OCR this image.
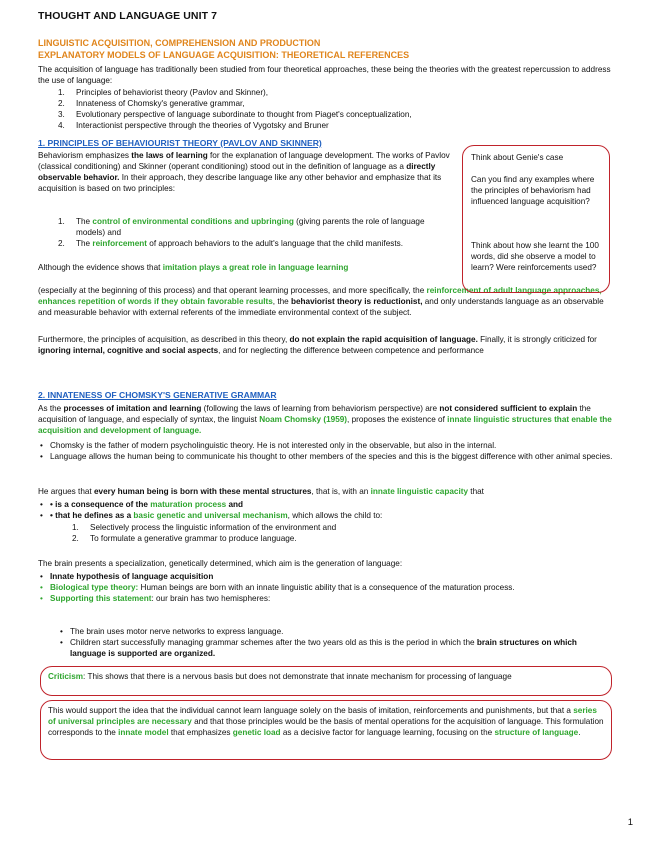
THOUGHT AND LANGUAGE UNIT 7
LINGUISTIC ACQUISITION, COMPREHENSION AND PRODUCTION
EXPLANATORY MODELS OF LANGUAGE ACQUISITION: THEORETICAL REFERENCES
The acquisition of language has traditionally been studied from four theoretical approaches, these being the theories with the greatest repercussion to address the use of language:
1. Principles of behaviorist theory (Pavlov and Skinner),
2. Innateness of Chomsky's generative grammar,
3. Evolutionary perspective of language subordinate to thought from Piaget's conceptualization,
4. Interactionist perspective through the theories of Vygotsky and Bruner
1. PRINCIPLES OF BEHAVIOURIST THEORY (PAVLOV AND SKINNER)
Behaviorism emphasizes the laws of learning for the explanation of language development. The works of Pavlov (classical conditioning) and Skinner (operant conditioning) stood out in the definition of language as a directly observable behavior. In their approach, they describe language like any other behavior and emphasize that its acquisition is based on two principles:
1. The control of environmental conditions and upbringing (giving parents the role of language models) and
2. The reinforcement of approach behaviors to the adult's language that the child manifests.
Although the evidence shows that imitation plays a great role in language learning
(especially at the beginning of this process) and that operant learning processes, and more specifically, the reinforcement of adult language approaches, enhances repetition of words if they obtain favorable results, the behaviorist theory is reductionist, and only understands language as an observable and measurable behavior with external referents of the immediate environmental context of the subject.
Furthermore, the principles of acquisition, as described in this theory, do not explain the rapid acquisition of language. Finally, it is strongly criticized for ignoring internal, cognitive and social aspects, and for neglecting the difference between competence and performance
Think about Genie's case
Can you find any examples where the principles of behaviorism had influenced language acquisition?
Think about how she learnt the 100 words, did she observe a model to learn? Were reinforcements used?
2. INNATENESS OF CHOMSKY'S GENERATIVE GRAMMAR
As the processes of imitation and learning (following the laws of learning from behaviorism perspective) are not considered sufficient to explain the acquisition of language, and especially of syntax, the linguist Noam Chomsky (1959), proposes the existence of innate linguistic structures that enable the acquisition and development of language.
• Chomsky is the father of modern psycholinguistic theory. He is not interested only in the observable, but also in the internal.
• Language allows the human being to communicate his thought to other members of the species and this is the biggest difference with other animal species.
He argues that every human being is born with these mental structures, that is, with an innate linguistic capacity that
• • is a consequence of the maturation process and
• • that he defines as a basic genetic and universal mechanism, which allows the child to:
1. Selectively process the linguistic information of the environment and
2. To formulate a generative grammar to produce language.
The brain presents a specialization, genetically determined, which aim is the generation of language:
• Innate hypothesis of language acquisition
• Biological type theory: Human beings are born with an innate linguistic ability that is a consequence of the maturation process.
• Supporting this statement: our brain has two hemispheres:
• The brain uses motor nerve networks to express language.
• Children start successfully managing grammar schemes after the two years old as this is the period in which the brain structures on which language is supported are organized.
Criticism: This shows that there is a nervous basis but does not demonstrate that innate mechanism for processing of language
This would support the idea that the individual cannot learn language solely on the basis of imitation, reinforcements and punishments, but that a series of universal principles are necessary and that those principles would be the basis of mental operations for the acquisition of language. This formulation corresponds to the innate model that emphasizes genetic load as a decisive factor for language learning, focusing on the structure of language.
1
